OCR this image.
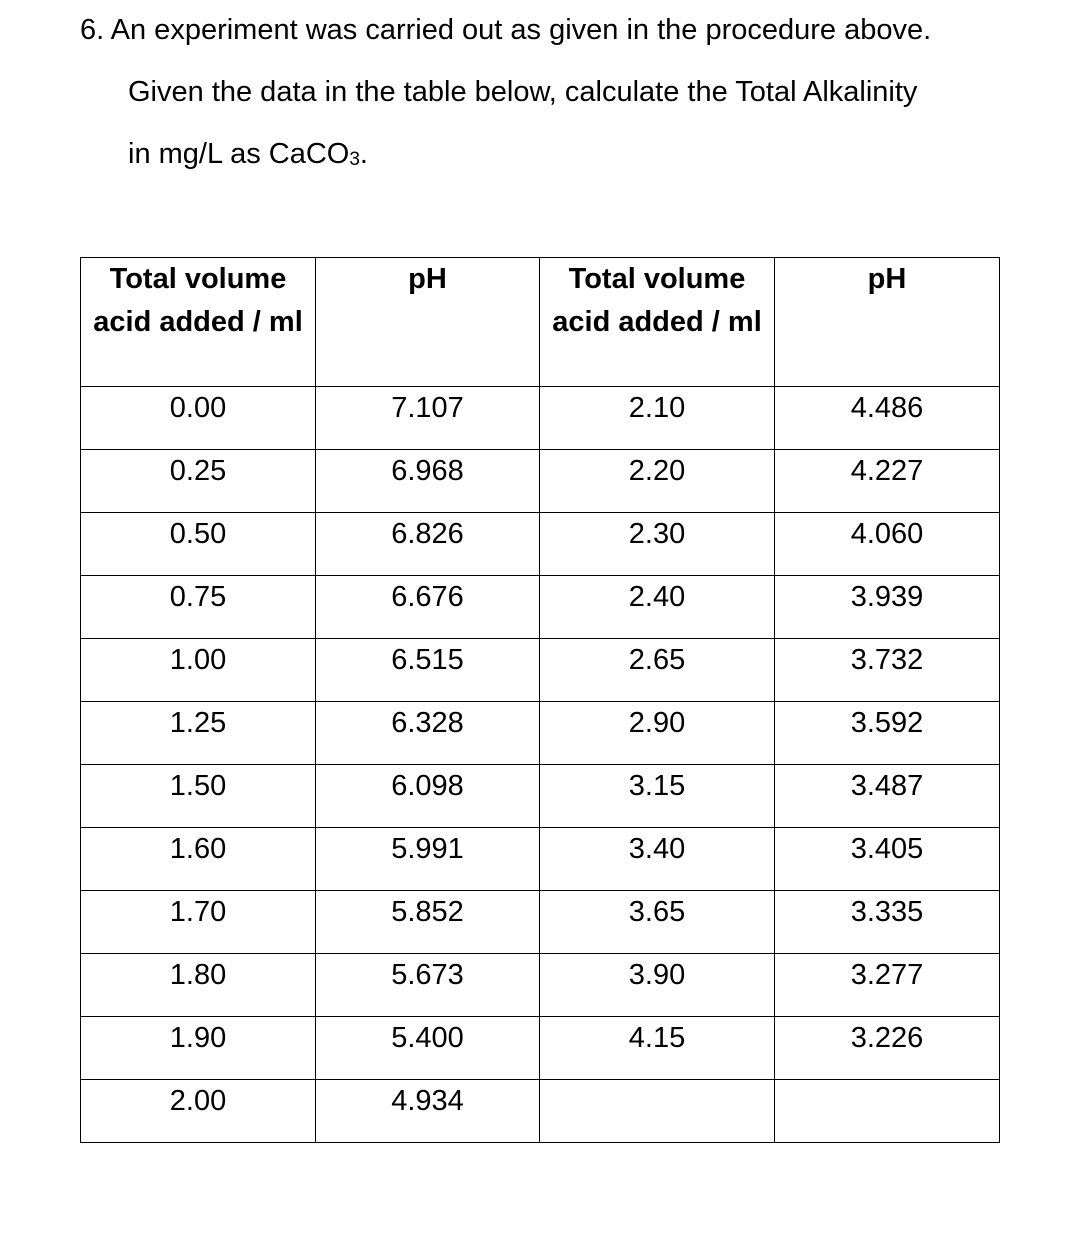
6. An experiment was carried out as given in the procedure above.
Given the data in the table below, calculate the Total Alkalinity
in mg/L as CaCO$_3$.
Total volume acid added / ml	pH	Total volume acid added / ml	pH
0.00	7.107	2.10	4.486
0.25	6.968	2.20	4.227
0.50	6.826	2.30	4.060
0.75	6.676	2.40	3.939
1.00	6.515	2.65	3.732
1.25	6.328	2.90	3.592
1.50	6.098	3.15	3.487
1.60	5.991	3.40	3.405
1.70	5.852	3.65	3.335
1.80	5.673	3.90	3.277
1.90	5.400	4.15	3.226
2.00	4.934		
